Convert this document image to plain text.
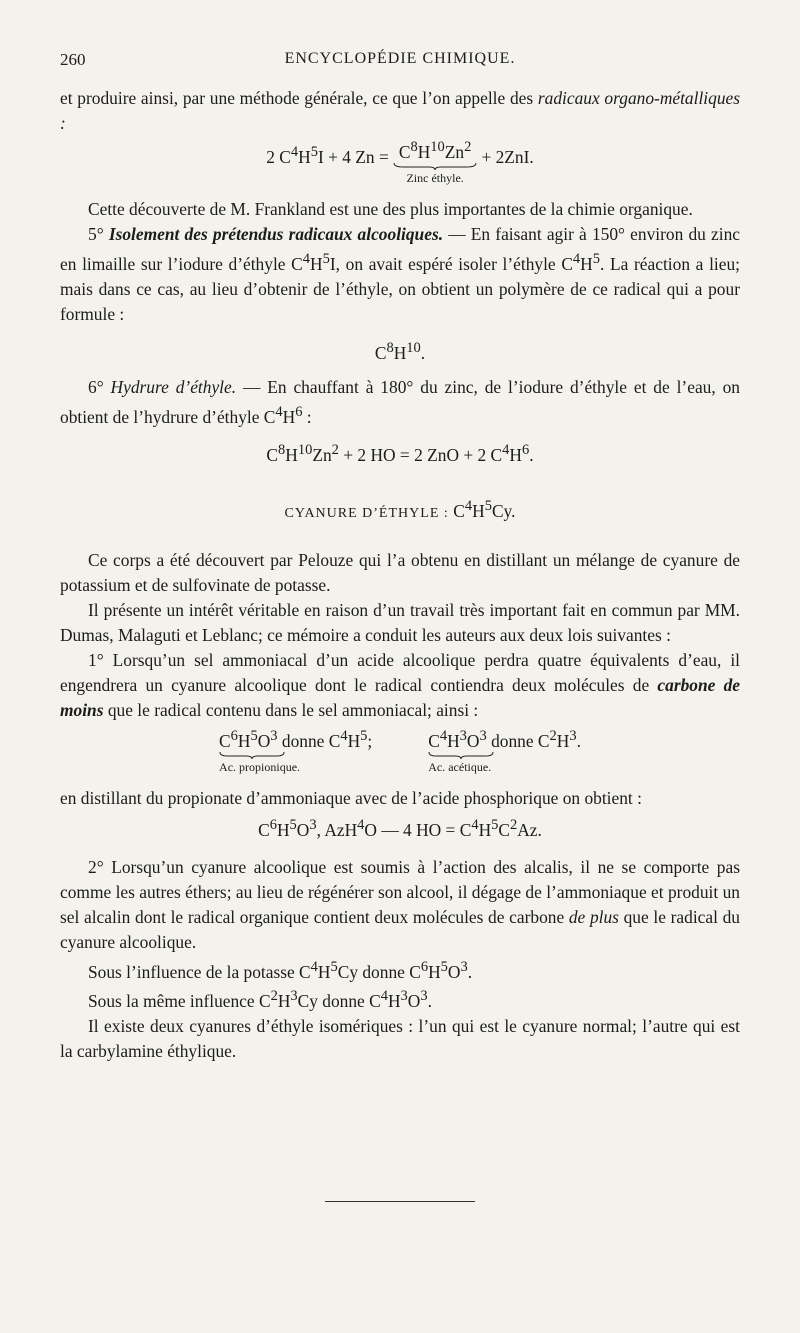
260	ENCYCLOPÉDIE CHIMIQUE.

et produire ainsi, par une méthode générale, ce que l’on appelle des radicaux organo-métalliques :

2 $C^4H^5I + 4$ $Zn = C^8H^{10}Zn^2$
Zinc éthyle.
+ 2ZnI.

Cette découverte de M. Frankland est une des plus importantes de la chimie organique.

5° Isolement des prétendus radicaux alcooliques. — En faisant agir à 150° environ du zinc en limaille sur l’iodure d’éthyle $C^4H^5I$, on avait espéré isoler l’éthyle $C^4H^5$. La réaction a lieu; mais dans ce cas, au lieu d’obtenir de l’éthyle, on obtient un polymère de ce radical qui a pour formule :

$C^8H^{10}$.

6° Hydrure d’éthyle. — En chauffant à 180° du zinc, de l’iodure d’éthyle et de l’eau, on obtient de l’hydrure d’éthyle $C^4H^6$ :

$C^8H^{10}Zn^2 + 2$ HO = 2 ZnO + 2 $C^4H^6$.

CYANURE D’ÉTHYLE : $C^4H^5Cy$.

Ce corps a été découvert par Pelouze qui l’a obtenu en distillant un mélange de cyanure de potassium et de sulfovinate de potasse.

Il présente un intérêt véritable en raison d’un travail très important fait en commun par MM. Dumas, Malaguti et Leblanc; ce mémoire a conduit les auteurs aux deux lois suivantes :

1° Lorsqu’un sel ammoniacal d’un acide alcoolique perdra quatre équivalents d’eau, il engendrera un cyanure alcoolique dont le radical contiendra deux molécules de carbone de moins que le radical contenu dans le sel ammoniacal; ainsi :

$C^6H^5O^3$ donne $C^4H^5$;
Ac. propionique.
$C^4H^3O^3$ donne $C^2H^3$.
Ac. acétique.

en distillant du propionate d’ammoniaque avec de l’acide phosphorique on obtient :

$C^6H^5O^3$, AzH$^4$O — 4 HO = $C^4H^5C^2Az$.

2° Lorsqu’un cyanure alcoolique est soumis à l’action des alcalis, il ne se comporte pas comme les autres éthers; au lieu de régénérer son alcool, il dégage de l’ammoniaque et produit un sel alcalin dont le radical organique contient deux molécules de carbone de plus que le radical du cyanure alcoolique.

Sous l’influence de la potasse $C^4H^5Cy$ donne $C^6H^5O^3$.

Sous la même influence $C^2H^3Cy$ donne $C^4H^3O^3$.

Il existe deux cyanures d’éthyle isomériques : l’un qui est le cyanure normal; l’autre qui est la carbylamine éthylique.
